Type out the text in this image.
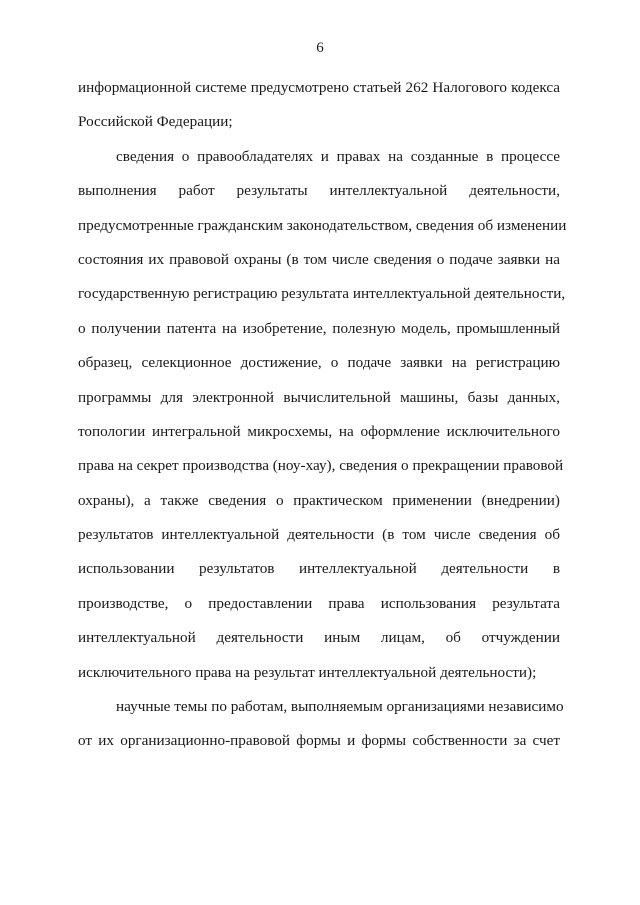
6
информационной системе предусмотрено статьей 262 Налогового кодекса
Российской Федерации;
сведения о правообладателях и правах на созданные в процессе
выполнения работ результаты интеллектуальной деятельности,
предусмотренные гражданским законодательством, сведения об изменении
состояния их правовой охраны (в том числе сведения о подаче заявки на
государственную регистрацию результата интеллектуальной деятельности,
о получении патента на изобретение, полезную модель, промышленный
образец, селекционное достижение, о подаче заявки на регистрацию
программы для электронной вычислительной машины, базы данных,
топологии интегральной микросхемы, на оформление исключительного
права на секрет производства (ноу-хау), сведения о прекращении правовой
охраны), а также сведения о практическом применении (внедрении)
результатов интеллектуальной деятельности (в том числе сведения об
использовании результатов интеллектуальной деятельности в
производстве, о предоставлении права использования результата
интеллектуальной деятельности иным лицам, об отчуждении
исключительного права на результат интеллектуальной деятельности);
научные темы по работам, выполняемым организациями независимо
от их организационно-правовой формы и формы собственности за счет
